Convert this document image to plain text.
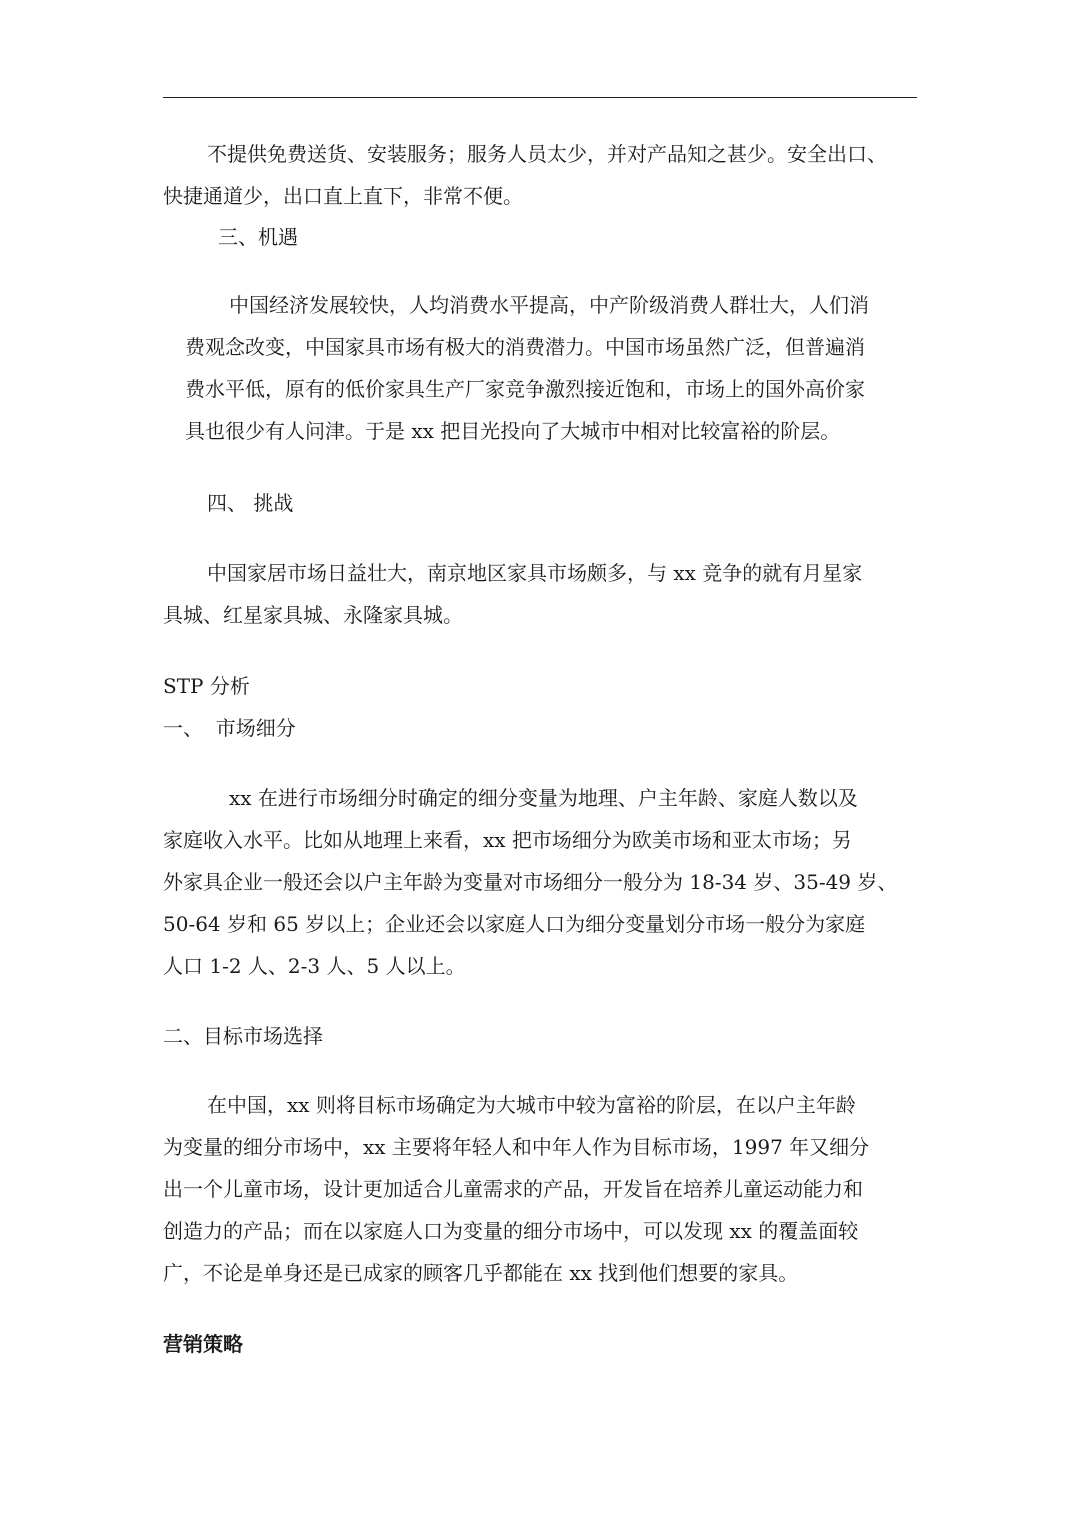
不提供免费送货、安装服务；服务人员太少，并对产品知之甚少。安全出口、
快捷通道少，出口直上直下，非常不便。
三、机遇
中国经济发展较快，人均消费水平提高，中产阶级消费人群壮大，人们消
费观念改变，中国家具市场有极大的消费潜力。中国市场虽然广泛，但普遍消
费水平低，原有的低价家具生产厂家竞争激烈接近饱和，市场上的国外高价家
具也很少有人问津。于是 xx 把目光投向了大城市中相对比较富裕的阶层。
四、 挑战
中国家居市场日益壮大，南京地区家具市场颇多，与 xx 竞争的就有月星家
具城、红星家具城、永隆家具城。
STP 分析
一、  市场细分
xx 在进行市场细分时确定的细分变量为地理、户主年龄、家庭人数以及
家庭收入水平。比如从地理上来看，xx 把市场细分为欧美市场和亚太市场；另
外家具企业一般还会以户主年龄为变量对市场细分一般分为 18-34 岁、35-49 岁、
50-64 岁和 65 岁以上；企业还会以家庭人口为细分变量划分市场一般分为家庭
人口 1-2 人、2-3 人、5 人以上。
二、目标市场选择
在中国，xx 则将目标市场确定为大城市中较为富裕的阶层，在以户主年龄
为变量的细分市场中，xx 主要将年轻人和中年人作为目标市场，1997 年又细分
出一个儿童市场，设计更加适合儿童需求的产品，开发旨在培养儿童运动能力和
创造力的产品；而在以家庭人口为变量的细分市场中，可以发现 xx 的覆盖面较
广，不论是单身还是已成家的顾客几乎都能在 xx 找到他们想要的家具。
营销策略
